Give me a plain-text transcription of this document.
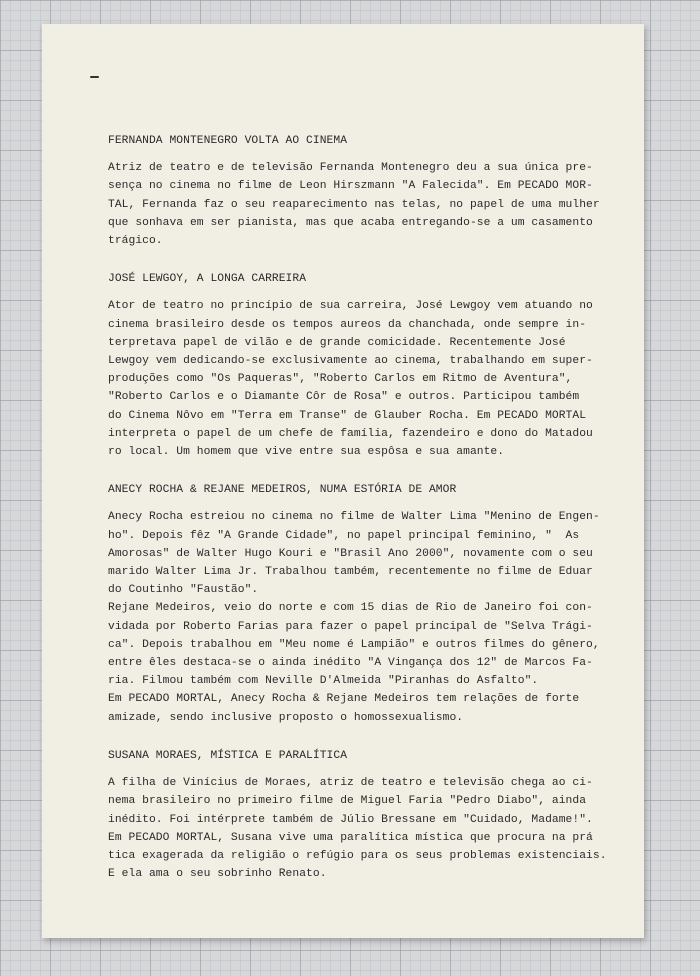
FERNANDA MONTENEGRO VOLTA AO CINEMA
Atriz de teatro e de televisão Fernanda Montenegro deu a sua única pre-
sença no cinema no filme de Leon Hirszmann "A Falecida". Em PECADO MOR-
TAL, Fernanda faz o seu reaparecimento nas telas, no papel de uma mulher
que sonhava em ser pianista, mas que acaba entregando-se a um casamento
trágico.
JOSÉ LEWGOY, A LONGA CARREIRA
Ator de teatro no princípio de sua carreira, José Lewgoy vem atuando no
cinema brasileiro desde os tempos aureos da chanchada, onde sempre in-
terpretava papel de vilão e de grande comicidade. Recentemente José
Lewgoy vem dedicando-se exclusivamente ao cinema, trabalhando em super-
produções como "Os Paqueras", "Roberto Carlos em Ritmo de Aventura",
"Roberto Carlos e o Diamante Côr de Rosa" e outros. Participou também
do Cinema Nôvo em "Terra em Transe" de Glauber Rocha. Em PECADO MORTAL
interpreta o papel de um chefe de família, fazendeiro e dono do Matadou
ro local. Um homem que vive entre sua espôsa e sua amante.
ANECY ROCHA & REJANE MEDEIROS, NUMA ESTÓRIA DE AMOR
Anecy Rocha estreiou no cinema no filme de Walter Lima "Menino de Engen-
ho". Depois fêz "A Grande Cidade", no papel principal feminino, "  As
Amorosas" de Walter Hugo Kouri e "Brasil Ano 2000", novamente com o seu
marido Walter Lima Jr. Trabalhou também, recentemente no filme de Eduar
do Coutinho "Faustão".
Rejane Medeiros, veio do norte e com 15 dias de Rio de Janeiro foi con-
vidada por Roberto Farias para fazer o papel principal de "Selva Trági-
ca". Depois trabalhou em "Meu nome é Lampião" e outros filmes do gênero,
entre êles destaca-se o ainda inédito "A Vingança dos 12" de Marcos Fa-
ria. Filmou também com Neville D'Almeida "Piranhas do Asfalto".
Em PECADO MORTAL, Anecy Rocha & Rejane Medeiros tem relações de forte
amizade, sendo inclusive proposto o homossexualismo.
SUSANA MORAES, MÍSTICA E PARALÍTICA
A filha de Vinícius de Moraes, atriz de teatro e televisão chega ao ci-
nema brasileiro no primeiro filme de Miguel Faria "Pedro Diabo", ainda
inédito. Foi intérprete também de Júlio Bressane em "Cuidado, Madame!".
Em PECADO MORTAL, Susana vive uma paralítica mística que procura na prá
tica exagerada da religião o refúgio para os seus problemas existenciais.
E ela ama o seu sobrinho Renato.
